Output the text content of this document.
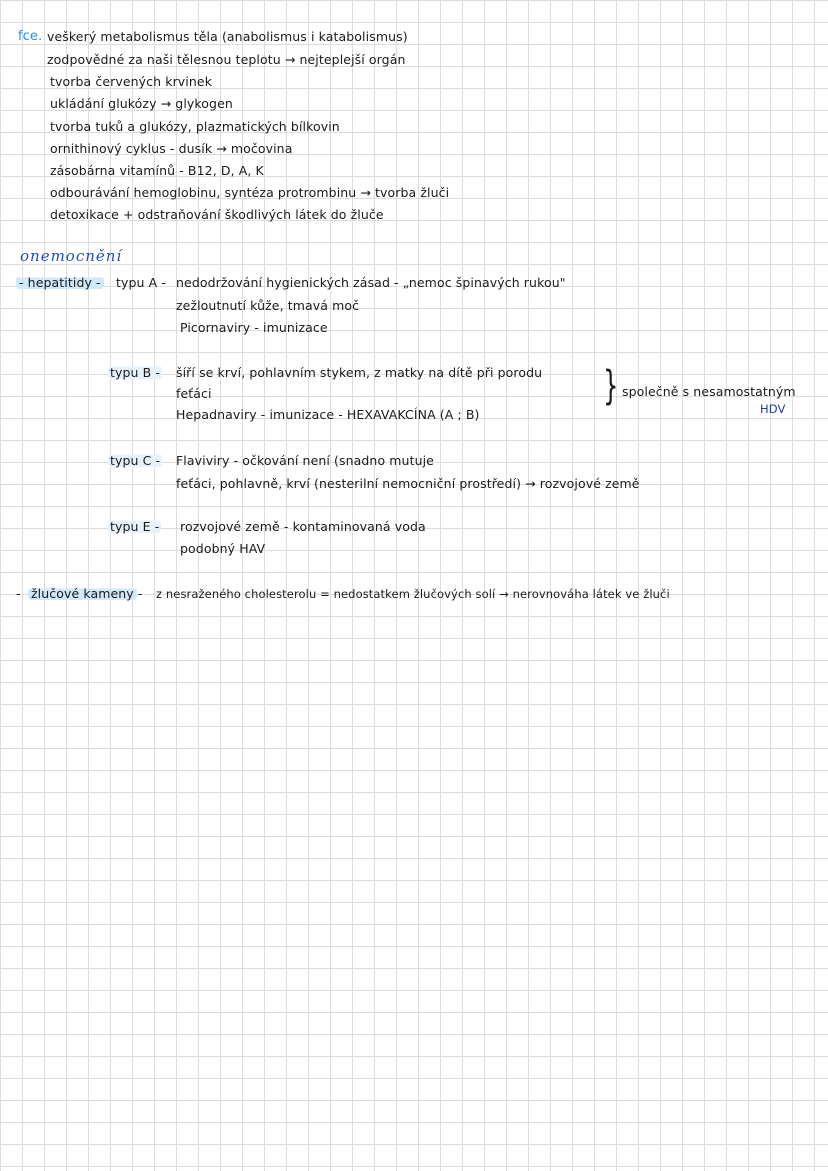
fce. veškerý metabolismus těla (anabolismus i katabolismus)
zodpovědné za naši tělesnou teplotu → nejteplejší orgán
tvorba červených krvinek
ukládání glukózy → glykogen
tvorba tuků a glukózy, plazmatických bílkovin
ornithinový cyklus - dusík → močovina
zásobárna vitamínů - B12, D, A, K
odbourávání hemoglobinu, syntéza protrombinu → tvorba žluči
detoxikace + odstraňování škodlivých látek do žluče
onemocnění
- hepatitidy - typu A - nedodržování hygienických zásad - „nemoc špinavých rukou"
zežloutnutí kůže, tmavá moč
Picornaviry - imunizace
typu B - šíří se krví, pohlavním stykem, z matky na dítě při porodu
feťáci
Hepadnaviry - imunizace - HEXAVAKCÍNA (A ; B)
} společně s nesamostatným
HDV
typu C - Flaviviry - očkování není (snadno mutuje
feťáci, pohlavně, krví (nesterilní nemocniční prostředí) → rozvojové země
typu E - rozvojové země - kontaminovaná voda
podobný HAV
- žlučové kameny - z nesraženého cholesterolu = nedostatkem žlučových solí → nerovnováha látek ve žluči
